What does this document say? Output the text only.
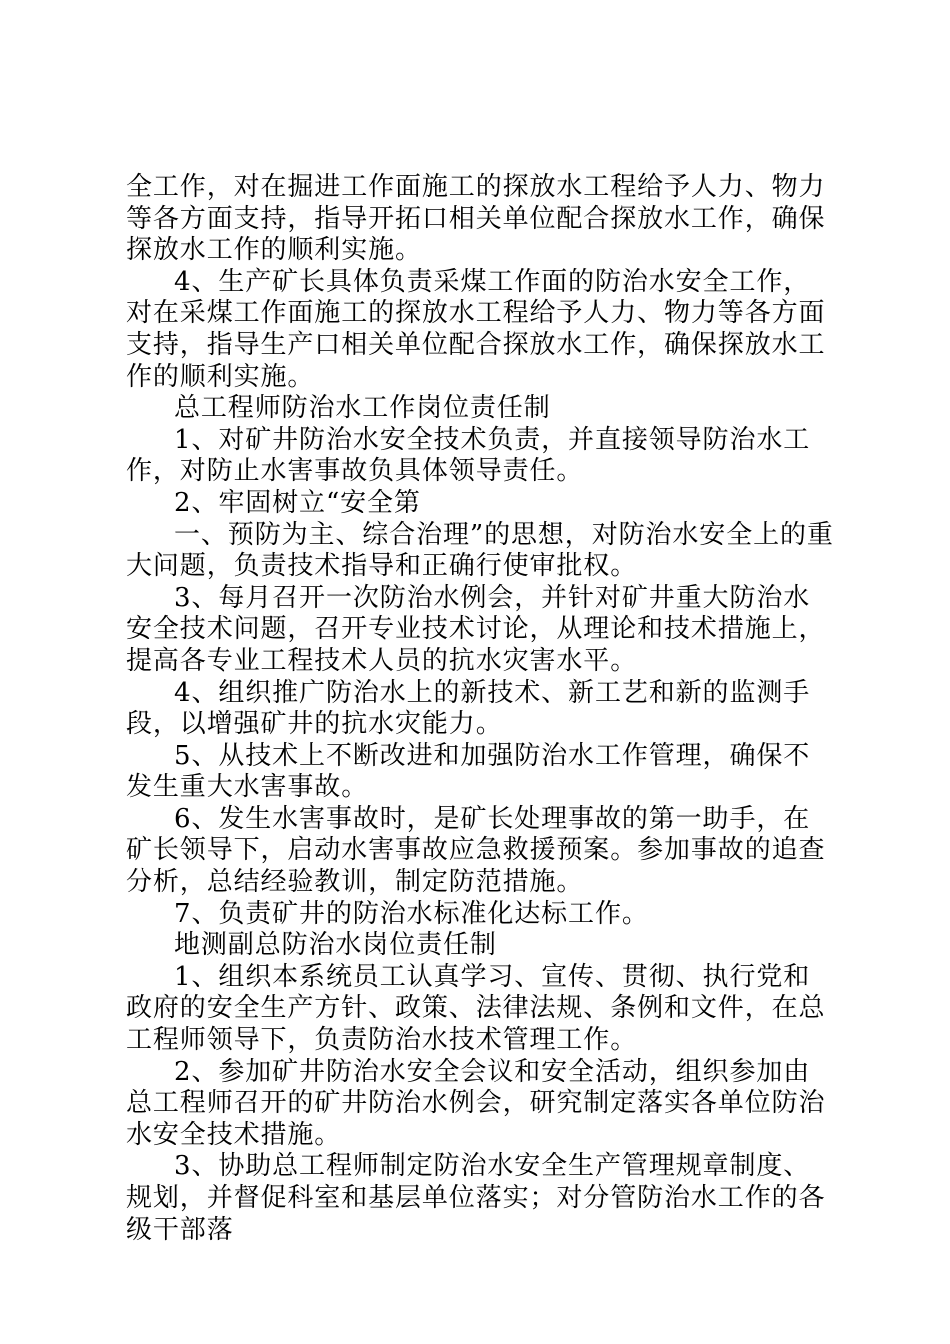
全工作，对在掘进工作面施工的探放水工程给予人力、物力等各方面支持，指导开拓口相关单位配合探放水工作，确保探放水工作的顺利实施。

4、生产矿长具体负责采煤工作面的防治水安全工作，对在采煤工作面施工的探放水工程给予人力、物力等各方面支持，指导生产口相关单位配合探放水工作，确保探放水工作的顺利实施。

总工程师防治水工作岗位责任制

1、对矿井防治水安全技术负责，并直接领导防治水工作，对防止水害事故负具体领导责任。

2、牢固树立“安全第

一、预防为主、综合治理”的思想，对防治水安全上的重大问题，负责技术指导和正确行使审批权。

3、每月召开一次防治水例会，并针对矿井重大防治水安全技术问题，召开专业技术讨论，从理论和技术措施上，提高各专业工程技术人员的抗水灾害水平。

4、组织推广防治水上的新技术、新工艺和新的监测手段，以增强矿井的抗水灾能力。

5、从技术上不断改进和加强防治水工作管理，确保不发生重大水害事故。

6、发生水害事故时，是矿长处理事故的第一助手，在矿长领导下，启动水害事故应急救援预案。参加事故的追查分析，总结经验教训，制定防范措施。

7、负责矿井的防治水标准化达标工作。

地测副总防治水岗位责任制

1、组织本系统员工认真学习、宣传、贯彻、执行党和政府的安全生产方针、政策、法律法规、条例和文件，在总工程师领导下，负责防治水技术管理工作。

2、参加矿井防治水安全会议和安全活动，组织参加由总工程师召开的矿井防治水例会，研究制定落实各单位防治水安全技术措施。

3、协助总工程师制定防治水安全生产管理规章制度、规划，并督促科室和基层单位落实；对分管防治水工作的各级干部落
